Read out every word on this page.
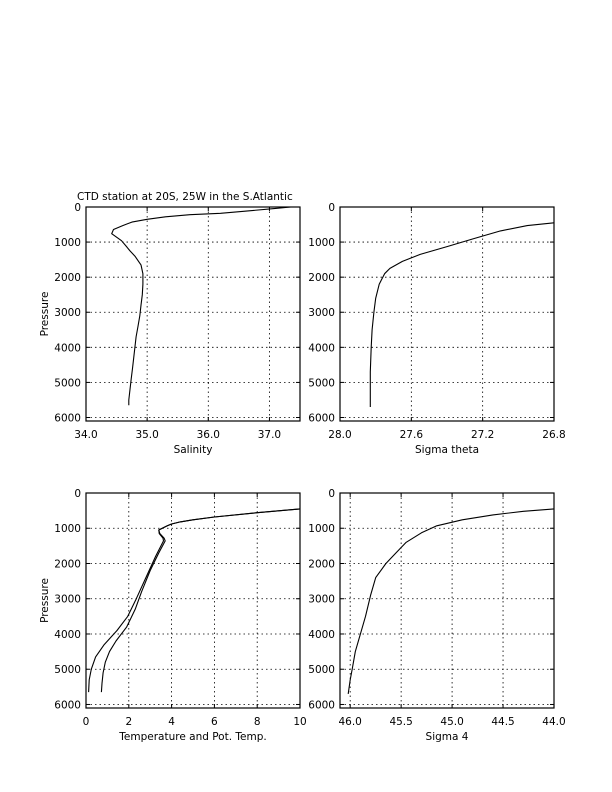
CTD station at 20S, 25W in the S.Atlantic
34.0	35.0	36.0	37.0
0
1000
2000
3000
4000
5000
6000
Salinity
Pressure
28.0	27.6	27.2	26.8
0
1000
2000
3000
4000
5000
6000
Sigma theta
0	2	4	6	8	10
0
1000
2000
3000
4000
5000
6000
Temperature and Pot. Temp.
Pressure
46.0	45.5	45.0	44.5	44.0
0
1000
2000
3000
4000
5000
6000
Sigma 4
